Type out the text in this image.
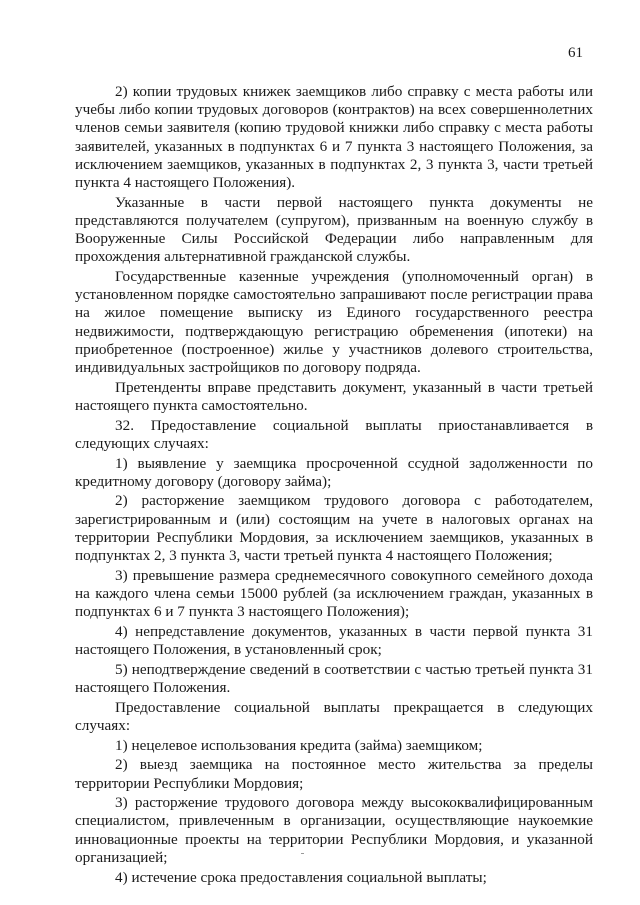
61

2) копии трудовых книжек заемщиков либо справку с места работы или учебы либо копии трудовых договоров (контрактов) на всех совершеннолетних членов семьи заявителя (копию трудовой книжки либо справку с места работы заявителей, указанных в подпунктах 6 и 7 пункта 3 настоящего Положения, за исключением заемщиков, указанных в подпунктах 2, 3 пункта 3, части третьей пункта 4 настоящего Положения).

Указанные в части первой настоящего пункта документы не представляются получателем (супругом), призванным на военную службу в Вооруженные Силы Российской Федерации либо направленным для прохождения альтернативной гражданской службы.

Государственные казенные учреждения (уполномоченный орган) в установленном порядке самостоятельно запрашивают после регистрации права на жилое помещение выписку из Единого государственного реестра недвижимости, подтверждающую регистрацию обременения (ипотеки) на приобретенное (построенное) жилье у участников долевого строительства, индивидуальных застройщиков по договору подряда.

Претенденты вправе представить документ, указанный в части третьей настоящего пункта самостоятельно.

32. Предоставление социальной выплаты приостанавливается в следующих случаях:

1) выявление у заемщика просроченной ссудной задолженности по кредитному договору (договору займа);

2) расторжение заемщиком трудового договора с работодателем, зарегистрированным и (или) состоящим на учете в налоговых органах на территории Республики Мордовия, за исключением заемщиков, указанных в подпунктах 2, 3 пункта 3, части третьей пункта 4 настоящего Положения;

3) превышение размера среднемесячного совокупного семейного дохода на каждого члена семьи 15000 рублей (за исключением граждан, указанных в подпунктах 6 и 7 пункта 3 настоящего Положения);

4) непредставление документов, указанных в части первой пункта 31 настоящего Положения, в установленный срок;

5) неподтверждение сведений в соответствии с частью третьей пункта 31 настоящего Положения.

Предоставление социальной выплаты прекращается в следующих случаях:

1) нецелевое использования кредита (займа) заемщиком;

2) выезд заемщика на постоянное место жительства за пределы территории Республики Мордовия;

3) расторжение трудового договора между высококвалифицированным специалистом, привлеченным в организации, осуществляющие наукоемкие инновационные проекты на территории Республики Мордовия, и указанной организацией;

4) истечение срока предоставления социальной выплаты;
